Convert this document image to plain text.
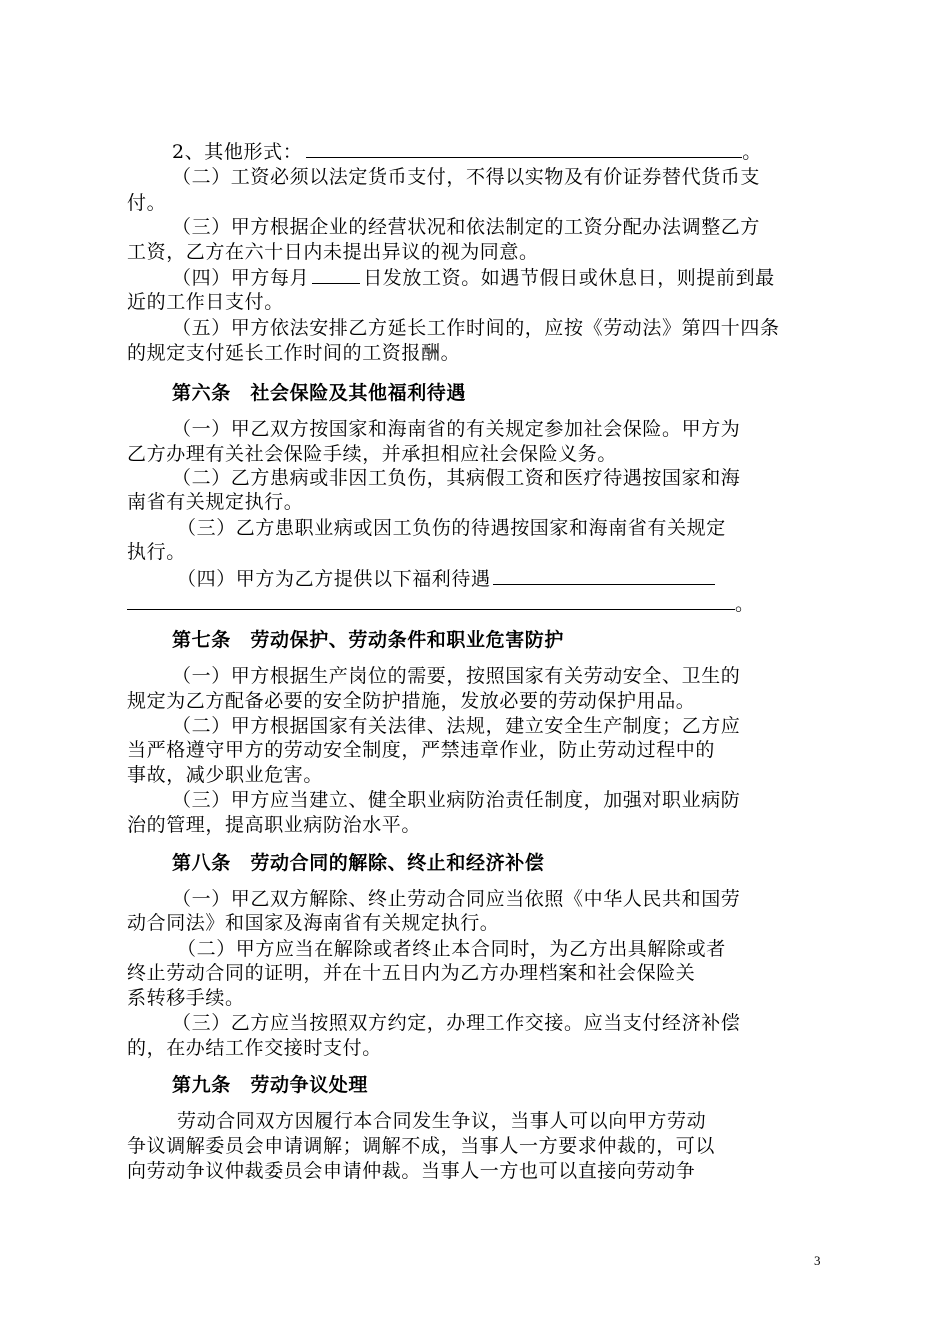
2、其他形式：	。
（二）工资必须以法定货币支付，不得以实物及有价证券替代货币支
付。
（三）甲方根据企业的经营状况和依法制定的工资分配办法调整乙方
工资，乙方在六十日内未提出异议的视为同意。
（四）甲方每月	日发放工资。如遇节假日或休息日，则提前到最
近的工作日支付。
（五）甲方依法安排乙方延长工作时间的，应按《劳动法》第四十四条
的规定支付延长工作时间的工资报酬。
第六条　社会保险及其他福利待遇
（一）甲乙双方按国家和海南省的有关规定参加社会保险。甲方为
乙方办理有关社会保险手续，并承担相应社会保险义务。
（二）乙方患病或非因工负伤，其病假工资和医疗待遇按国家和海
南省有关规定执行。
（三）乙方患职业病或因工负伤的待遇按国家和海南省有关规定
执行。
（四）甲方为乙方提供以下福利待遇
。
第七条　劳动保护、劳动条件和职业危害防护
（一）甲方根据生产岗位的需要，按照国家有关劳动安全、卫生的
规定为乙方配备必要的安全防护措施，发放必要的劳动保护用品。
（二）甲方根据国家有关法律、法规，建立安全生产制度；乙方应
当严格遵守甲方的劳动安全制度，严禁违章作业，防止劳动过程中的
事故，减少职业危害。
（三）甲方应当建立、健全职业病防治责任制度，加强对职业病防
治的管理，提高职业病防治水平。
第八条　劳动合同的解除、终止和经济补偿
（一）甲乙双方解除、终止劳动合同应当依照《中华人民共和国劳
动合同法》和国家及海南省有关规定执行。
（二）甲方应当在解除或者终止本合同时，为乙方出具解除或者
终止劳动合同的证明，并在十五日内为乙方办理档案和社会保险关
系转移手续。
（三）乙方应当按照双方约定，办理工作交接。应当支付经济补偿
的，在办结工作交接时支付。
第九条　劳动争议处理
劳动合同双方因履行本合同发生争议，当事人可以向甲方劳动
争议调解委员会申请调解；调解不成，当事人一方要求仲裁的，可以
向劳动争议仲裁委员会申请仲裁。当事人一方也可以直接向劳动争
3
